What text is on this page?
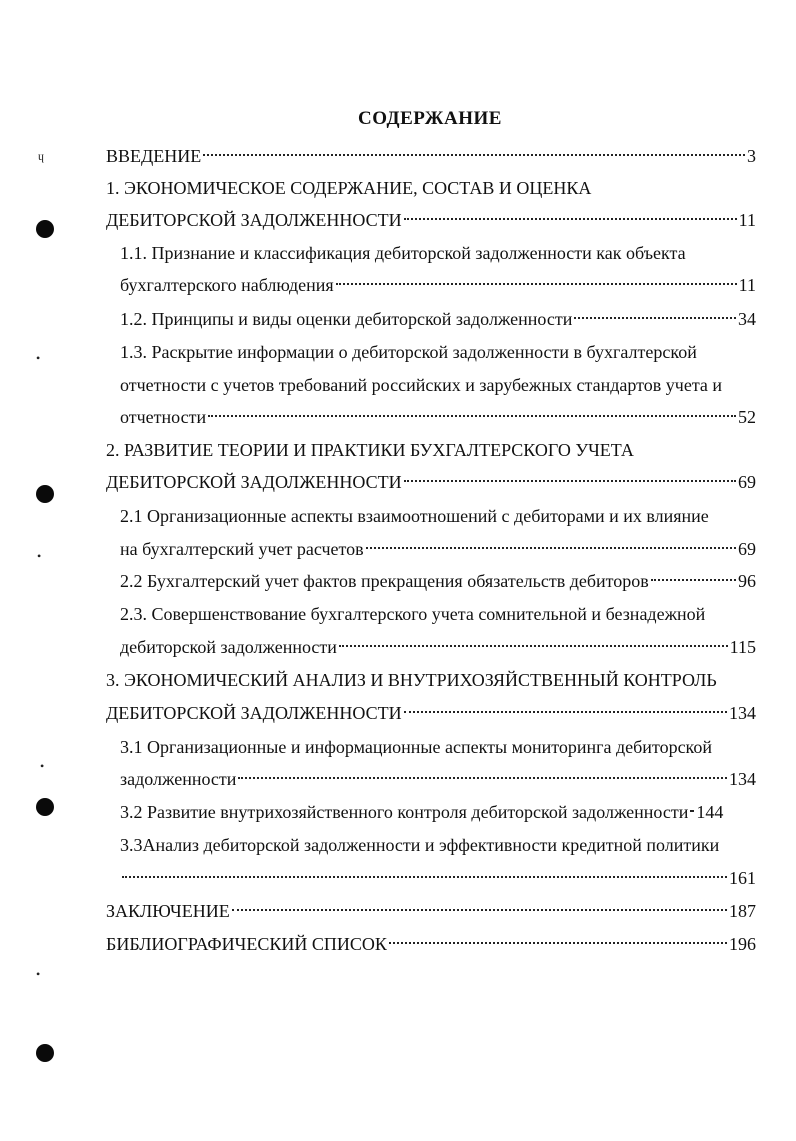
ɥ
•
•
•
•
СОДЕРЖАНИЕ
ВВЕДЕНИЕ	3
1. ЭКОНОМИЧЕСКОЕ СОДЕРЖАНИЕ, СОСТАВ И ОЦЕНКА
ДЕБИТОРСКОЙ ЗАДОЛЖЕННОСТИ	11
1.1. Признание и классификация дебиторской задолженности как объекта
бухгалтерского наблюдения	11
1.2. Принципы и виды оценки дебиторской задолженности	34
1.3. Раскрытие информации о дебиторской задолженности в бухгалтерской
отчетности с учетов требований российских и зарубежных стандартов учета и
отчетности	52
2. РАЗВИТИЕ ТЕОРИИ И ПРАКТИКИ БУХГАЛТЕРСКОГО УЧЕТА
ДЕБИТОРСКОЙ ЗАДОЛЖЕННОСТИ	69
2.1 Организационные аспекты взаимоотношений с дебиторами и их влияние
на бухгалтерский учет расчетов	69
2.2 Бухгалтерский учет фактов прекращения обязательств дебиторов	96
2.3. Совершенствование бухгалтерского учета сомнительной и безнадежной
дебиторской задолженности	115
3. ЭКОНОМИЧЕСКИЙ АНАЛИЗ И ВНУТРИХОЗЯЙСТВЕННЫЙ КОНТРОЛЬ
ДЕБИТОРСКОЙ ЗАДОЛЖЕННОСТИ	134
3.1 Организационные и информационные аспекты мониторинга дебиторской
задолженности	134
3.2 Развитие внутрихозяйственного контроля дебиторской задолженности 144
3.3Анализ дебиторской задолженности и эффективности кредитной политики
161
ЗАКЛЮЧЕНИЕ	187
БИБЛИОГРАФИЧЕСКИЙ СПИСОК	196
